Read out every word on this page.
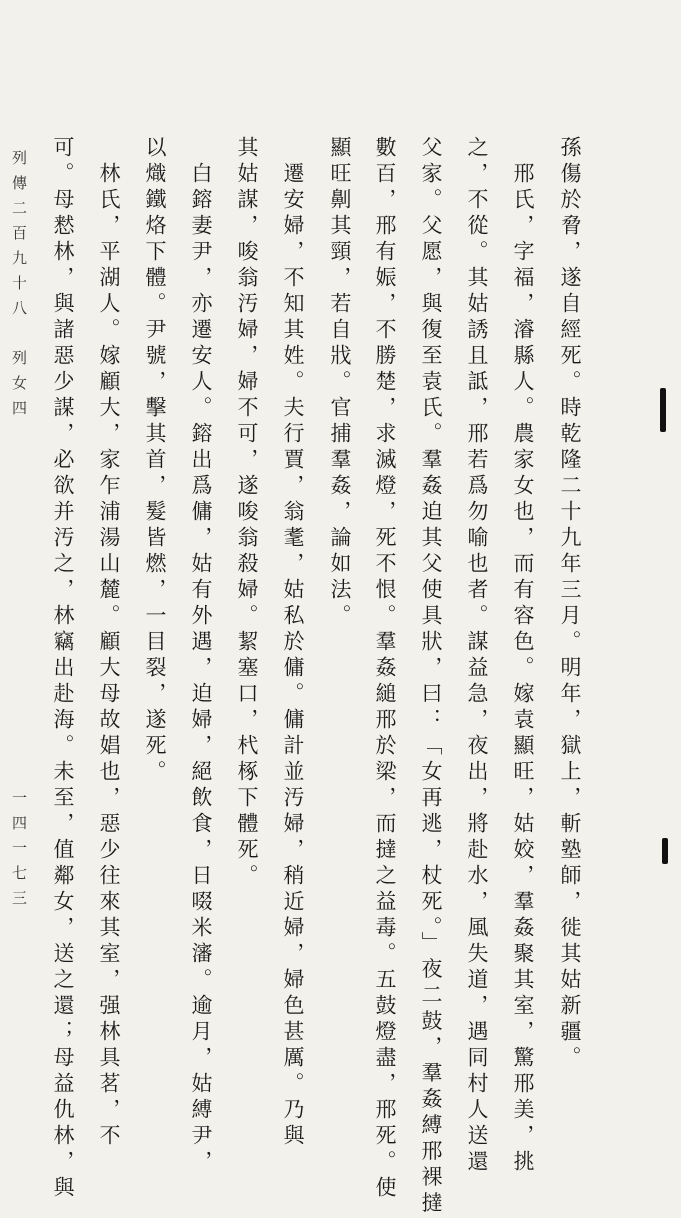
孫傷於脅，遂自經死。時乾隆二十九年三月。明年，獄上，斬塾師，徙其姑新疆。
邢氏，字福，濬縣人。農家女也，而有容色。嫁袁顯旺，姑姣，羣姦聚其室，驚邢美，挑
之，不從。其姑誘且詆，邢若爲勿喻也者。謀益急，夜出，將赴水，風失道，遇同村人送還
父家。父愿，與復至袁氏。羣姦迫其父使具狀，曰：「女再逃，杖死。」夜二鼓，羣姦縛邢裸撻
數百，邢有娠，不勝楚，求滅燈，死不恨。羣姦縋邢於梁，而撻之益毒。五鼓燈盡，邢死。使
顯旺劓其頸，若自戕。官捕羣姦，論如法。
遷安婦，不知其姓。夫行賈，翁耄，姑私於傭。傭計並汚婦，稍近婦，婦色甚厲。乃與
其姑謀，唆翁汚婦，婦不可，遂唆翁殺婦。絜塞口，杙椓下體死。
白鎔妻尹，亦遷安人。鎔出爲傭，姑有外遇，迫婦，絕飲食，日啜米瀋。逾月，姑縛尹，
以熾鐵烙下體。尹號，擊其首，髮皆燃，一目裂，遂死。
林氏，平湖人。嫁顧大，家乍浦湯山麓。顧大母故娼也，惡少往來其室，强林具茗，不
可。母慭林，與諸惡少謀，必欲并汚之，林竊出赴海。未至，值鄰女，送之還；母益仇林，與
列傳二百九十八　列女四
一四一七三
